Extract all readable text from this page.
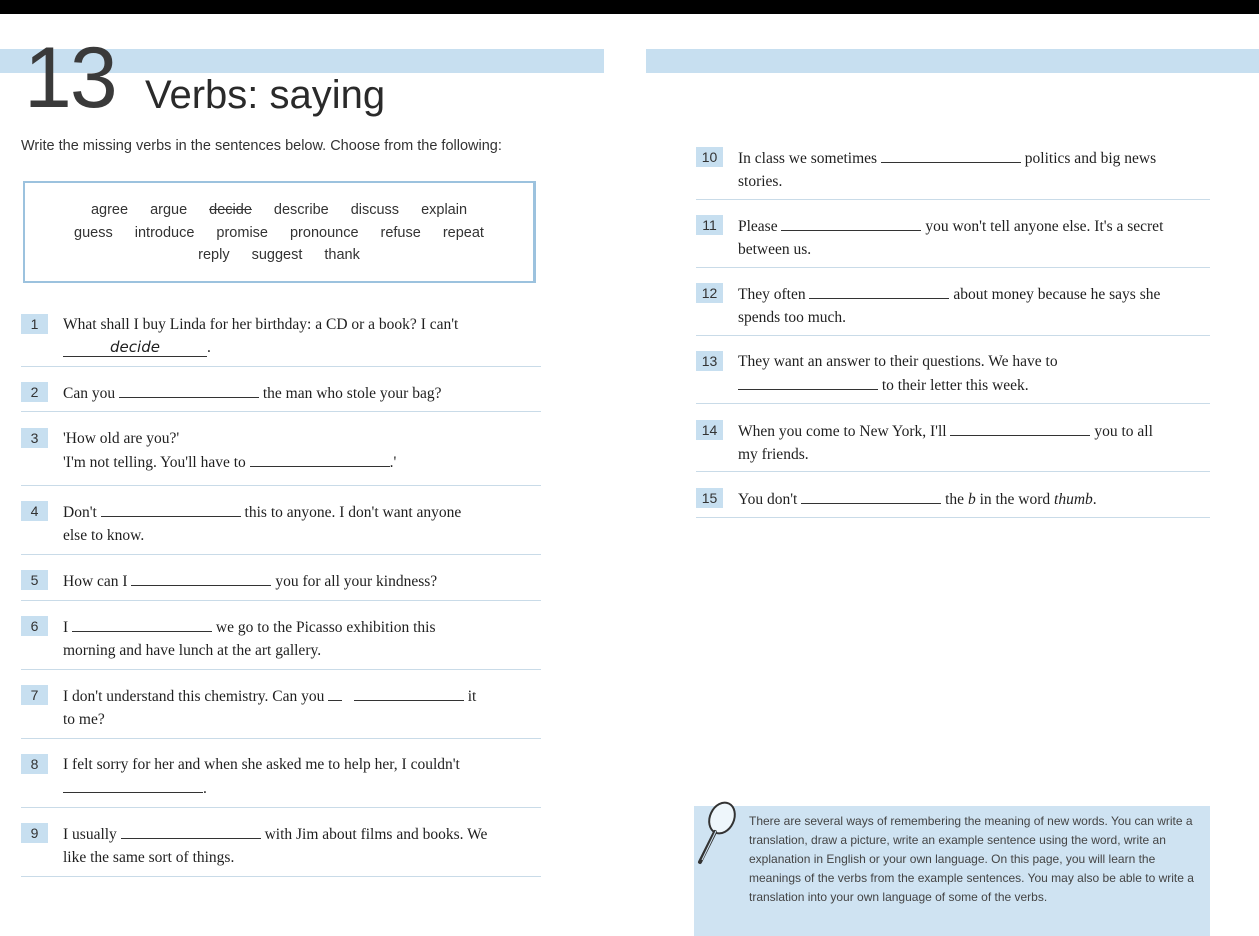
13 Verbs: saying
Write the missing verbs in the sentences below. Choose from the following:
agree argue decide describe discuss explain
guess introduce promise pronounce refuse repeat
reply suggest thank
1	What shall I buy Linda for her birthday: a CD or a book? I can't
decide	.
2	Can you	the man who stole your bag?
3	'How old are you?'
'I'm not telling. You'll have to	.'
4	Don't	this to anyone. I don't want anyone
else to know.
5	How can I	you for all your kindness?
6	I	we go to the Picasso exhibition this
morning and have lunch at the art gallery.
7	I don't understand this chemistry. Can you	it
to me?
8	I felt sorry for her and when she asked me to help her, I couldn't
.
9	I usually	with Jim about films and books. We
like the same sort of things.
10	In class we sometimes	politics and big news
stories.
11	Please	you won't tell anyone else. It's a secret
between us.
12	They often	about money because he says she
spends too much.
13	They want an answer to their questions. We have to
to their letter this week.
14	When you come to New York, I'll	you to all
my friends.
15	You don't	the b in the word thumb.
There are several ways of remembering the meaning of new words. You can write a translation, draw a picture, write an example sentence using the word, write an explanation in English or your own language. On this page, you will learn the meanings of the verbs from the example sentences. You may also be able to write a translation into your own language of some of the verbs.
